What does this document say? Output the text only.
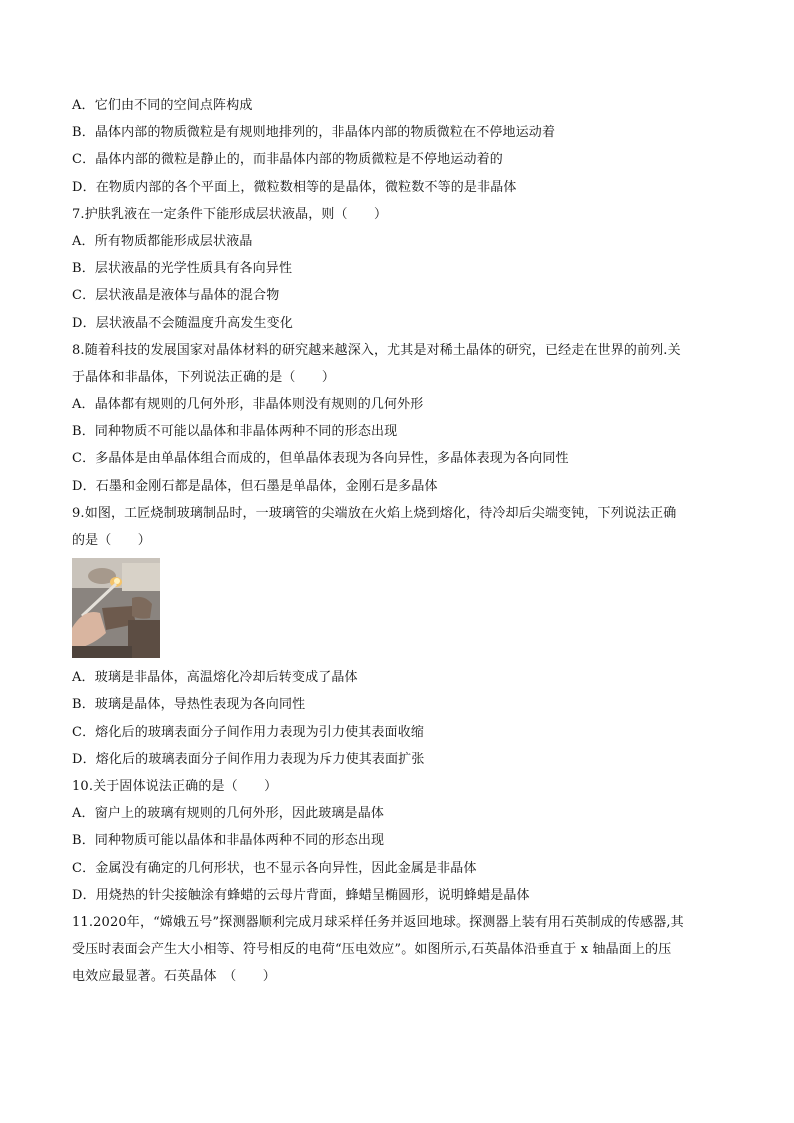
A．它们由不同的空间点阵构成
B．晶体内部的物质微粒是有规则地排列的，非晶体内部的物质微粒在不停地运动着
C．晶体内部的微粒是静止的，而非晶体内部的物质微粒是不停地运动着的
D．在物质内部的各个平面上，微粒数相等的是晶体，微粒数不等的是非晶体
7.护肤乳液在一定条件下能形成层状液晶，则（　　）
A．所有物质都能形成层状液晶
B．层状液晶的光学性质具有各向异性
C．层状液晶是液体与晶体的混合物
D．层状液晶不会随温度升高发生变化
8.随着科技的发展国家对晶体材料的研究越来越深入，尤其是对稀土晶体的研究，已经走在世界的前列.关
于晶体和非晶体，下列说法正确的是（　　）
A．晶体都有规则的几何外形，非晶体则没有规则的几何外形
B．同种物质不可能以晶体和非晶体两种不同的形态出现
C．多晶体是由单晶体组合而成的，但单晶体表现为各向异性，多晶体表现为各向同性
D．石墨和金刚石都是晶体，但石墨是单晶体，金刚石是多晶体
9.如图，工匠烧制玻璃制品时，一玻璃管的尖端放在火焰上烧到熔化，待冷却后尖端变钝，下列说法正确
的是（　　）
A．玻璃是非晶体，高温熔化冷却后转变成了晶体
B．玻璃是晶体，导热性表现为各向同性
C．熔化后的玻璃表面分子间作用力表现为引力使其表面收缩
D．熔化后的玻璃表面分子间作用力表现为斥力使其表面扩张
10.关于固体说法正确的是（　　）
A．窗户上的玻璃有规则的几何外形，因此玻璃是晶体
B．同种物质可能以晶体和非晶体两种不同的形态出现
C．金属没有确定的几何形状，也不显示各向异性，因此金属是非晶体
D．用烧热的针尖接触涂有蜂蜡的云母片背面，蜂蜡呈椭圆形，说明蜂蜡是晶体
11.2020年，“嫦娥五号”探测器顺利完成月球采样任务并返回地球。探测器上装有用石英制成的传感器,其
受压时表面会产生大小相等、符号相反的电荷“压电效应”。如图所示,石英晶体沿垂直于 x 轴晶面上的压
电效应最显著。石英晶体　（　　）
